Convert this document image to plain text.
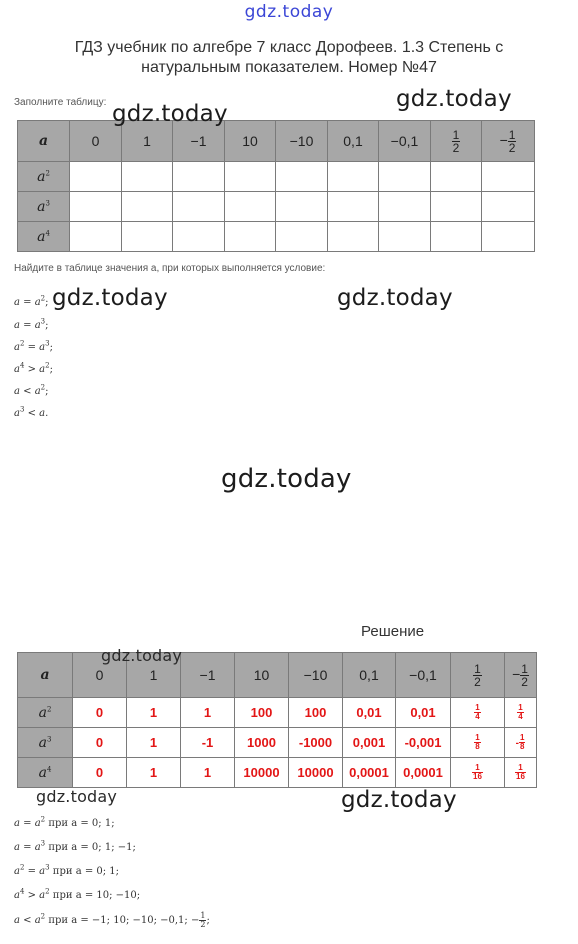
gdz.today
ГДЗ учебник по алгебре 7 класс Дорофеев. 1.3 Степень с
натуральным показателем. Номер №47
Заполните таблицу:
a	0	1	−1	10	−10	0,1	−0,1	$\frac{1}{2}$	− $\frac{1}{2}$

$a^2$									
$a^3$									
$a^4$									
Найдите в таблице значения a, при которых выполняется условие:
$a = a^2$;
$a = a^3$;
$a^2 = a^3$;
$a^4 > a^2$;
$a < a^2$;
$a^3 < a$.
Решение
a	0	1	−1	10	−10	0,1	−0,1	$\frac{1}{2}$	− $\frac{1}{2}$

$a^2$	0	1	1	100	100	0,01	0,01	$\frac{1}{4}$	$\frac{1}{4}$

$a^3$	0	1	-1	1000	-1000	0,001	-0,001	$\frac{1}{8}$	- $\frac{1}{8}$

$a^4$	0	1	1	10000	10000	0,0001	0,0001	$\frac{1}{16}$	$\frac{1}{16}$
$a = a^2$ при a = 0; 1;
$a = a^3$ при a = 0; 1; −1;
$a^2 = a^3$ при a = 0; 1;
$a^4 > a^2$ при a = 10; −10;
$a < a^2$ при a = −1; 10; −10; −0,1; − $\frac{1}{2}$ ;
gdz.today
gdz.today
gdz.today	gdz.today
gdz.today
gdz.today
gdz.today	gdz.today
